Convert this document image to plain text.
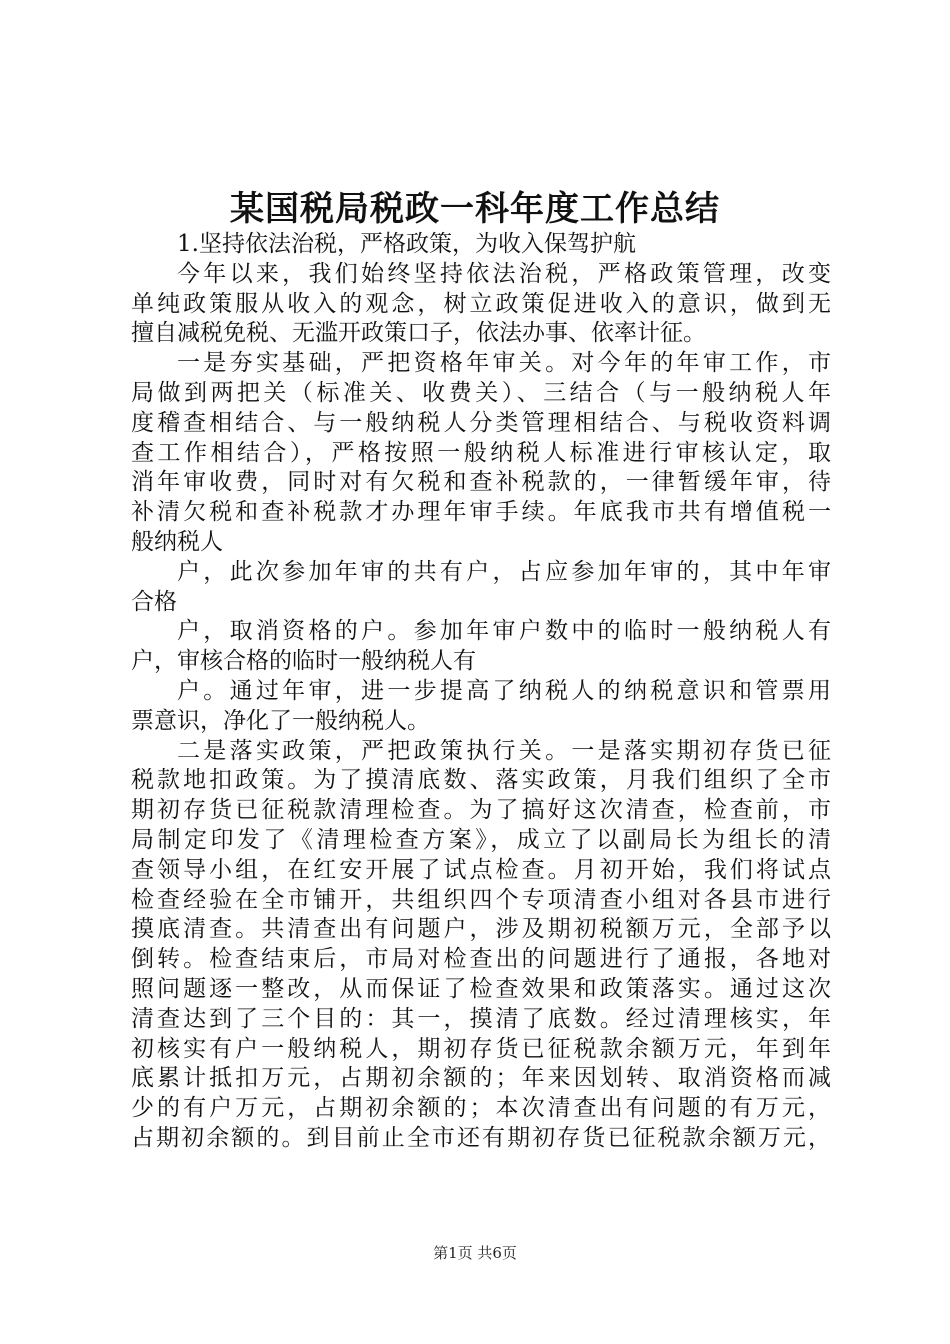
某国税局税政一科年度工作总结
1.坚持依法治税，严格政策，为收入保驾护航
今年以来，我们始终坚持依法治税，严格政策管理，改变
单纯政策服从收入的观念，树立政策促进收入的意识，做到无
擅自减税免税、无滥开政策口子，依法办事、依率计征。
一是夯实基础，严把资格年审关。对今年的年审工作，市
局做到两把关（标准关、收费关）、三结合（与一般纳税人年
度稽查相结合、与一般纳税人分类管理相结合、与税收资料调
查工作相结合），严格按照一般纳税人标准进行审核认定，取
消年审收费，同时对有欠税和查补税款的，一律暂缓年审，待
补清欠税和查补税款才办理年审手续。年底我市共有增值税一
般纳税人
户，此次参加年审的共有户，占应参加年审的，其中年审
合格
户，取消资格的户。参加年审户数中的临时一般纳税人有
户，审核合格的临时一般纳税人有
户。通过年审，进一步提高了纳税人的纳税意识和管票用
票意识，净化了一般纳税人。
二是落实政策，严把政策执行关。一是落实期初存货已征
税款地扣政策。为了摸清底数、落实政策，月我们组织了全市
期初存货已征税款清理检查。为了搞好这次清查，检查前，市
局制定印发了《清理检查方案》，成立了以副局长为组长的清
查领导小组，在红安开展了试点检查。月初开始，我们将试点
检查经验在全市铺开，共组织四个专项清查小组对各县市进行
摸底清查。共清查出有问题户，涉及期初税额万元，全部予以
倒转。检查结束后，市局对检查出的问题进行了通报，各地对
照问题逐一整改，从而保证了检查效果和政策落实。通过这次
清查达到了三个目的：其一，摸清了底数。经过清理核实，年
初核实有户一般纳税人，期初存货已征税款余额万元，年到年
底累计抵扣万元，占期初余额的；年来因划转、取消资格而减
少的有户万元，占期初余额的；本次清查出有问题的有万元，
占期初余额的。到目前止全市还有期初存货已征税款余额万元，
第1页 共6页
